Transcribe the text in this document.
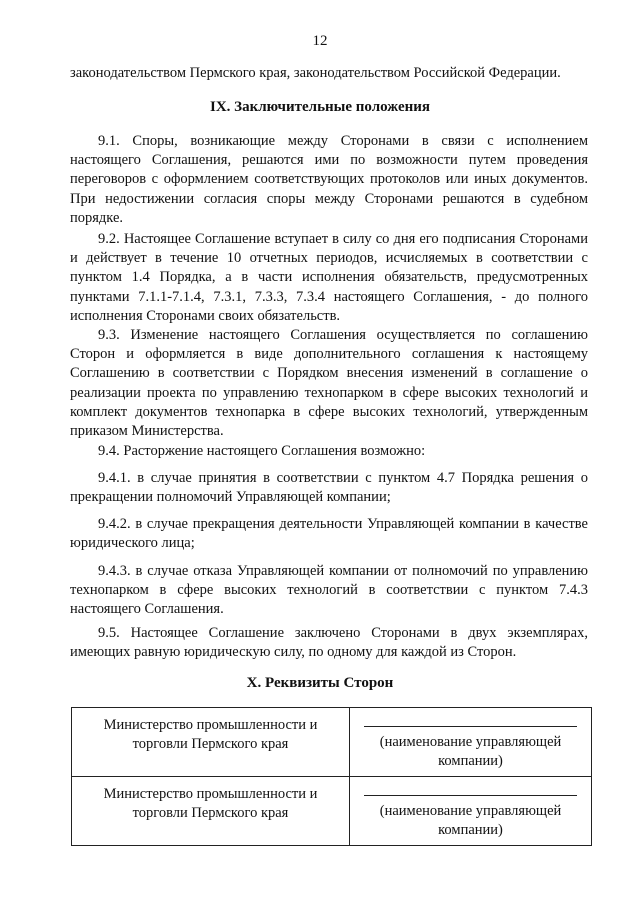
12
законодательством Пермского края, законодательством Российской Федерации.
IX. Заключительные положения

9.1. Споры, возникающие между Сторонами в связи с исполнением настоящего Соглашения, решаются ими по возможности путем проведения переговоров с оформлением соответствующих протоколов или иных документов. При недостижении согласия споры между Сторонами решаются в судебном порядке.

9.2. Настоящее Соглашение вступает в силу со дня его подписания Сторонами и действует в течение 10 отчетных периодов, исчисляемых в соответствии с пунктом 1.4 Порядка, а в части исполнения обязательств, предусмотренных пунктами 7.1.1-7.1.4, 7.3.1, 7.3.3, 7.3.4 настоящего Соглашения, - до полного исполнения Сторонами своих обязательств.

9.3. Изменение настоящего Соглашения осуществляется по соглашению Сторон и оформляется в виде дополнительного соглашения к настоящему Соглашению в соответствии с Порядком внесения изменений в соглашение о реализации проекта по управлению технопарком в сфере высоких технологий и комплект документов технопарка в сфере высоких технологий, утвержденным приказом Министерства.

9.4. Расторжение настоящего Соглашения возможно:

9.4.1. в случае принятия в соответствии с пунктом 4.7 Порядка решения о прекращении полномочий Управляющей компании;

9.4.2. в случае прекращения деятельности Управляющей компании в качестве юридического лица;

9.4.3. в случае отказа Управляющей компании от полномочий по управлению технопарком в сфере высоких технологий в соответствии с пунктом 7.4.3 настоящего Соглашения.

9.5. Настоящее Соглашение заключено Сторонами в двух экземплярах, имеющих равную юридическую силу, по одному для каждой из Сторон.

X. Реквизиты Сторон
Министерство промышленности и торговли Пермского края	(наименование управляющей компании)

Министерство промышленности и торговли Пермского края	(наименование управляющей компании)
